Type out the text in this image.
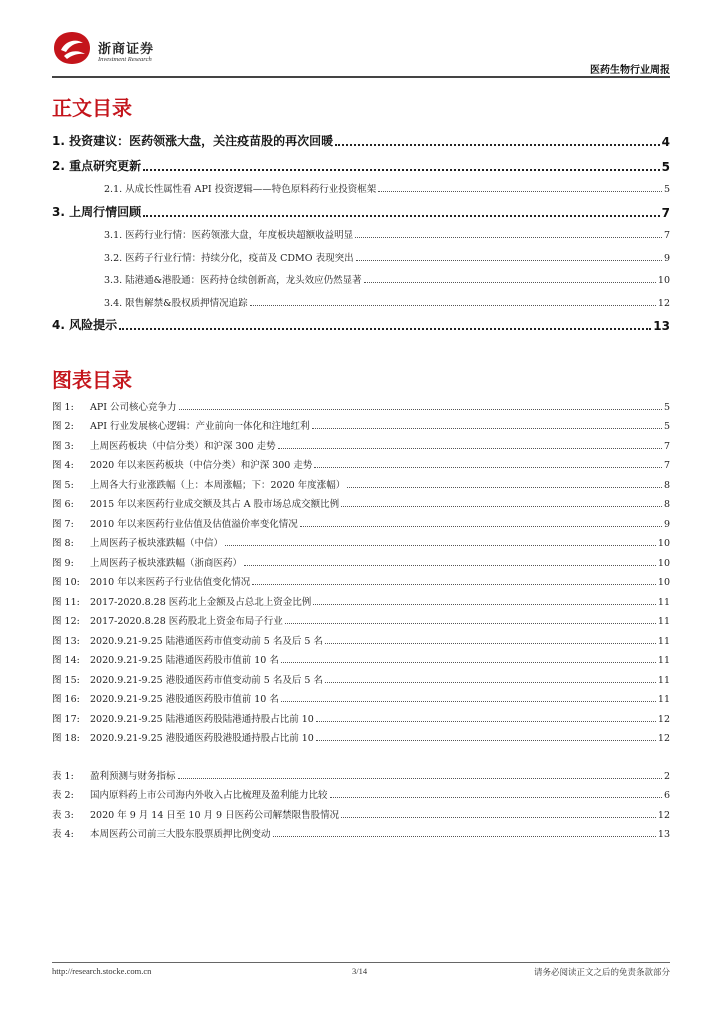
浙商证券
Investment Research
医药生物行业周报
正文目录
1. 投资建议：医药领涨大盘，关注疫苗股的再次回暖	4
2. 重点研究更新	5
2.1. 从成长性属性看 API 投资逻辑——特色原料药行业投资框架	5
3. 上周行情回顾	7
3.1. 医药行业行情：医药领涨大盘，年度板块超额收益明显	7
3.2. 医药子行业行情：持续分化，疫苗及 CDMO 表现突出	9
3.3. 陆港通&港股通：医药持仓续创新高，龙头效应仍然显著	10
3.4. 限售解禁&股权质押情况追踪	12
4. 风险提示	13
图表目录
图 1: API 公司核心竞争力	5
图 2: API 行业发展核心逻辑：产业前向一体化和注地红利	5
图 3: 上周医药板块（中信分类）和沪深 300 走势	7
图 4: 2020 年以来医药板块（中信分类）和沪深 300 走势	7
图 5: 上周各大行业涨跌幅（上：本周涨幅；下：2020 年度涨幅）	8
图 6: 2015 年以来医药行业成交额及其占 A 股市场总成交额比例	8
图 7: 2010 年以来医药行业估值及估值溢价率变化情况	9
图 8: 上周医药子板块涨跌幅（中信）	10
图 9: 上周医药子板块涨跌幅（浙商医药）	10
图 10: 2010 年以来医药子行业估值变化情况	10
图 11: 2017-2020.8.28 医药北上金额及占总北上资金比例	11
图 12: 2017-2020.8.28 医药股北上资金布局子行业	11
图 13: 2020.9.21-9.25 陆港通医药市值变动前 5 名及后 5 名	11
图 14: 2020.9.21-9.25 陆港通医药股市值前 10 名	11
图 15: 2020.9.21-9.25 港股通医药市值变动前 5 名及后 5 名	11
图 16: 2020.9.21-9.25 港股通医药股市值前 10 名	11
图 17: 2020.9.21-9.25 陆港通医药股陆港通持股占比前 10	12
图 18: 2020.9.21-9.25 港股通医药股港股通持股占比前 10	12
表 1: 盈利预测与财务指标	2
表 2: 国内原料药上市公司海内外收入占比梳理及盈利能力比较	6
表 3: 2020 年 9 月 14 日至 10 月 9 日医药公司解禁限售股情况	12
表 4: 本周医药公司前三大股东股票质押比例变动	13
http://research.stocke.com.cn	3/14	请务必阅读正文之后的免责条款部分
